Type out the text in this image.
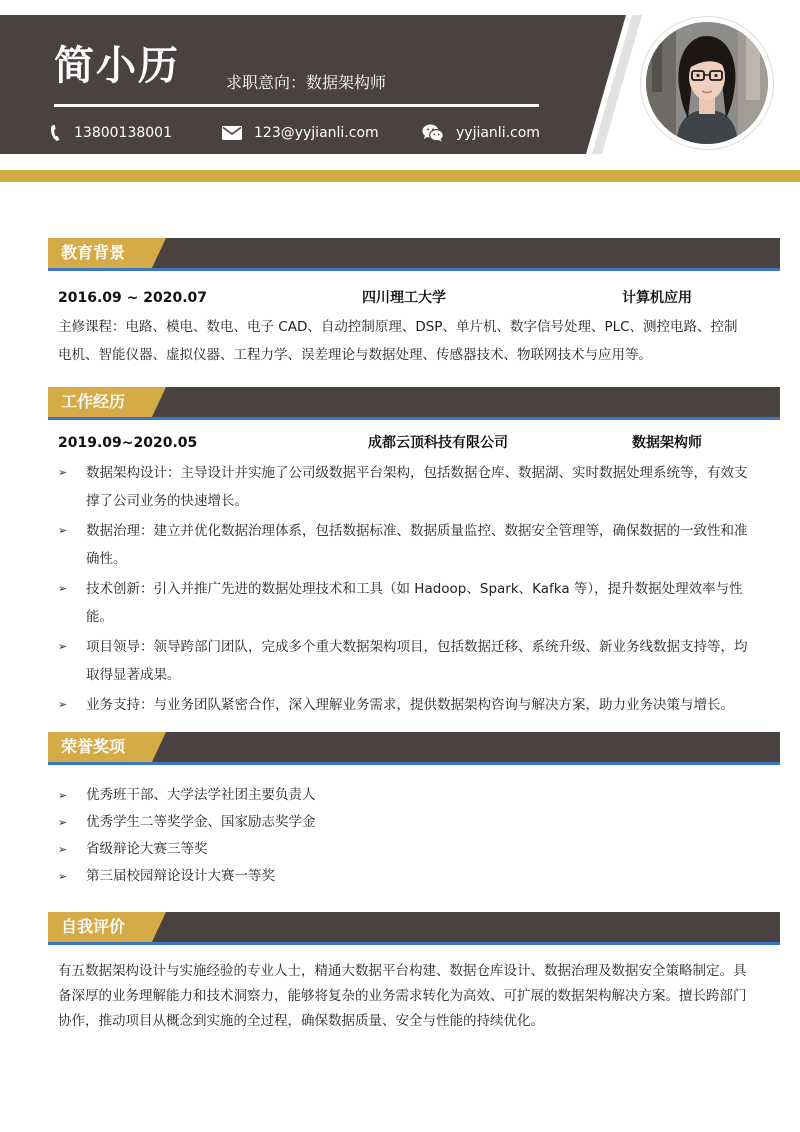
简小历	求职意向：数据架构师
13800138001	123@yyjianli.com	yyjianli.com
教育背景
2016.09 ~ 2020.07	四川理工大学	计算机应用
主修课程：电路、模电、数电、电子 CAD、自动控制原理、DSP、单片机、数字信号处理、PLC、测控电路、控制电机、智能仪器、虚拟仪器、工程力学、误差理论与数据处理、传感器技术、物联网技术与应用等。
工作经历
2019.09~2020.05	成都云顶科技有限公司	数据架构师
➢ 数据架构设计：主导设计并实施了公司级数据平台架构，包括数据仓库、数据湖、实时数据处理系统等，有效支撑了公司业务的快速增长。
➢ 数据治理：建立并优化数据治理体系，包括数据标准、数据质量监控、数据安全管理等，确保数据的一致性和准确性。
➢ 技术创新：引入并推广先进的数据处理技术和工具（如 Hadoop、Spark、Kafka 等），提升数据处理效率与性能。
➢ 项目领导：领导跨部门团队，完成多个重大数据架构项目，包括数据迁移、系统升级、新业务线数据支持等，均取得显著成果。
➢ 业务支持：与业务团队紧密合作，深入理解业务需求，提供数据架构咨询与解决方案，助力业务决策与增长。
荣誉奖项
➢ 优秀班干部、大学法学社团主要负责人
➢ 优秀学生二等奖学金、国家励志奖学金
➢ 省级辩论大赛三等奖
➢ 第三届校园辩论设计大赛一等奖
自我评价
有五数据架构设计与实施经验的专业人士，精通大数据平台构建、数据仓库设计、数据治理及数据安全策略制定。具备深厚的业务理解能力和技术洞察力，能够将复杂的业务需求转化为高效、可扩展的数据架构解决方案。擅长跨部门协作，推动项目从概念到实施的全过程，确保数据质量、安全与性能的持续优化。
